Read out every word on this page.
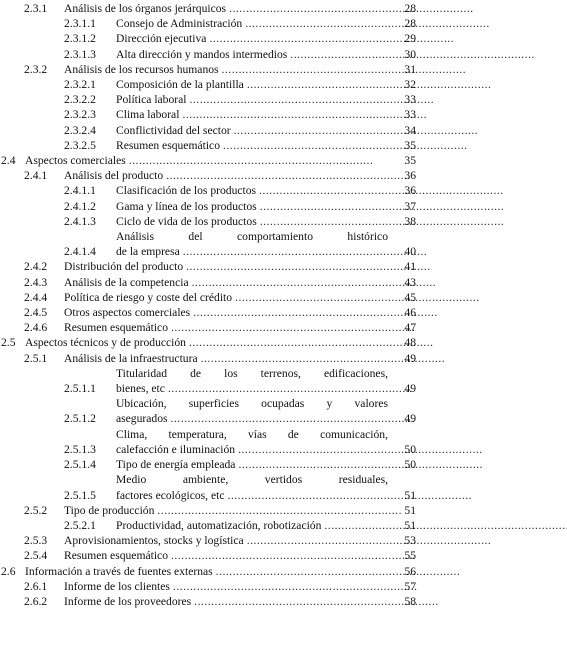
2.3.1	Análisis de los órganos jerárquicos . . .	28
2.3.1.1	Consejo de Administración . . .	28
2.3.1.2	Dirección ejecutiva . . .	29
2.3.1.3	Alta dirección y mandos intermedios . . .	30
2.3.2	Análisis de los recursos humanos . . .	31
2.3.2.1	Composición de la plantilla . . .	32
2.3.2.2	Política laboral . . .	33
2.3.2.3	Clima laboral . . .	33
2.3.2.4	Conflictividad del sector . . .	34
2.3.2.5	Resumen esquemático . . .	35
2.4 Aspectos comerciales . . .	35
2.4.1	Análisis del producto . . .	36
2.4.1.1	Clasificación de los productos . . .	36
2.4.1.2	Gama y línea de los productos . . .	37
2.4.1.3	Ciclo de vida de los productos . . .	38
2.4.1.4
Análisis del comportamiento histórico
de la empresa . . .	40
2.4.2	Distribución del producto . . .	41
2.4.3	Análisis de la competencia . . .	43
2.4.4	Política de riesgo y coste del crédito . . .	45
2.4.5	Otros aspectos comerciales . . .	46
2.4.6	Resumen esquemático . . .	47
2.5 Aspectos técnicos y de producción . . .	48
2.5.1	Análisis de la infraestructura . . .	49
2.5.1.1
Titularidad de los terrenos, edificaciones,
bienes, etc . . .	49
2.5.1.2
Ubicación, superficies ocupadas y valores
asegurados . . .	49
2.5.1.3
Clima, temperatura, vías de comunicación,
calefacción e iluminación . . .	50
2.5.1.4	Tipo de energía empleada . . .	50
2.5.1.5
Medio ambiente, vertidos residuales,
factores ecológicos, etc . . .	51
2.5.2	Tipo de producción . . .	51
2.5.2.1	Productividad, automatización, robotización . . .	51
2.5.3	Aprovisionamientos, stocks y logística . . .	53
2.5.4	Resumen esquemático . . .	55
2.6 Información a través de fuentes externas . . .	56
2.6.1	Informe de los clientes . . .	57
2.6.2	Informe de los proveedores . . .	58
